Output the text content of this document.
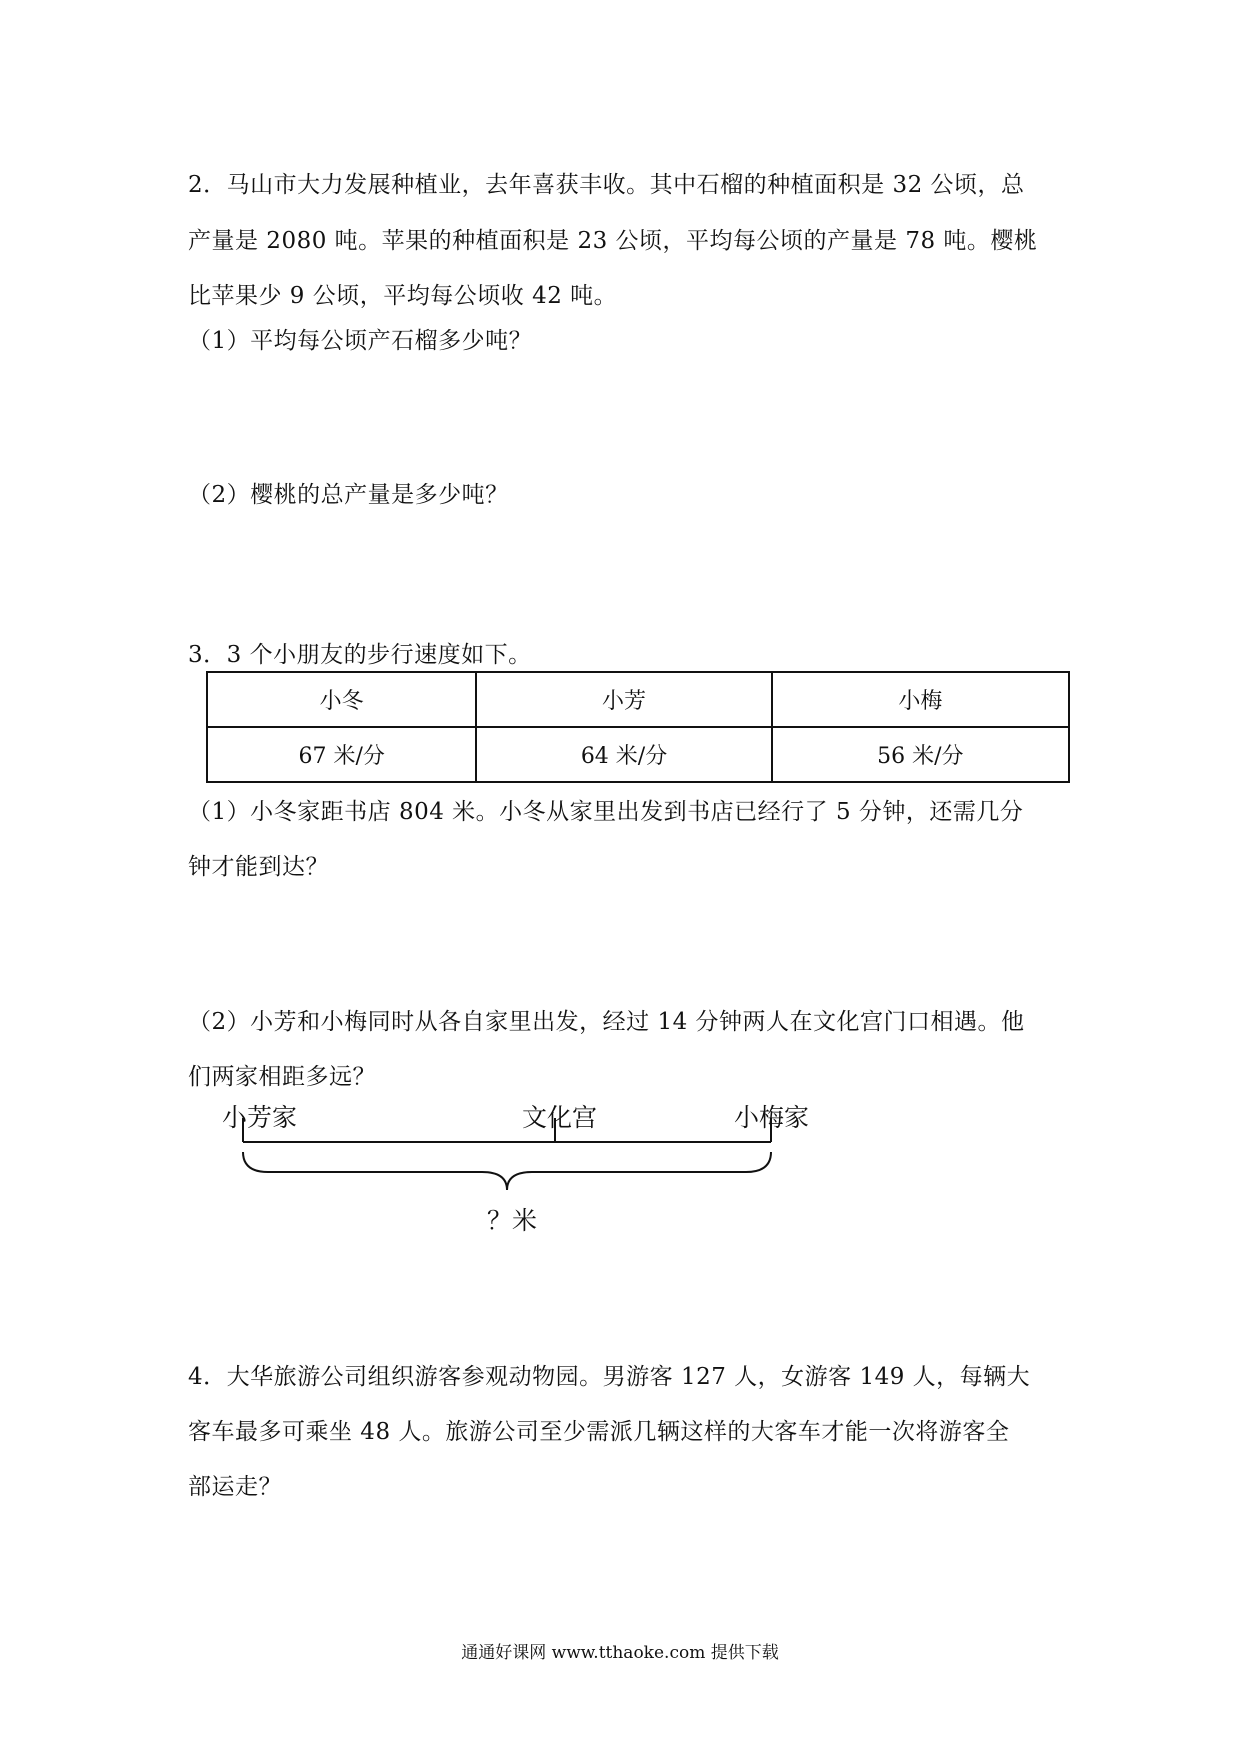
2．马山市大力发展种植业，去年喜获丰收。其中石榴的种植面积是 32 公顷，总
产量是 2080 吨。苹果的种植面积是 23 公顷，平均每公顷的产量是 78 吨。樱桃
比苹果少 9 公顷，平均每公顷收 42 吨。
（1）平均每公顷产石榴多少吨？
（2）樱桃的总产量是多少吨？
3．3 个小朋友的步行速度如下。
小冬	小芳	小梅
67 米/分	64 米/分	56 米/分
（1）小冬家距书店 804 米。小冬从家里出发到书店已经行了 5 分钟，还需几分
钟才能到达？
（2）小芳和小梅同时从各自家里出发，经过 14 分钟两人在文化宫门口相遇。他
们两家相距多远？
小芳家	文化宫	小梅家
？米
4．大华旅游公司组织游客参观动物园。男游客 127 人，女游客 149 人，每辆大
客车最多可乘坐 48 人。旅游公司至少需派几辆这样的大客车才能一次将游客全
部运走？
通通好课网 www.tthaoke.com 提供下载
